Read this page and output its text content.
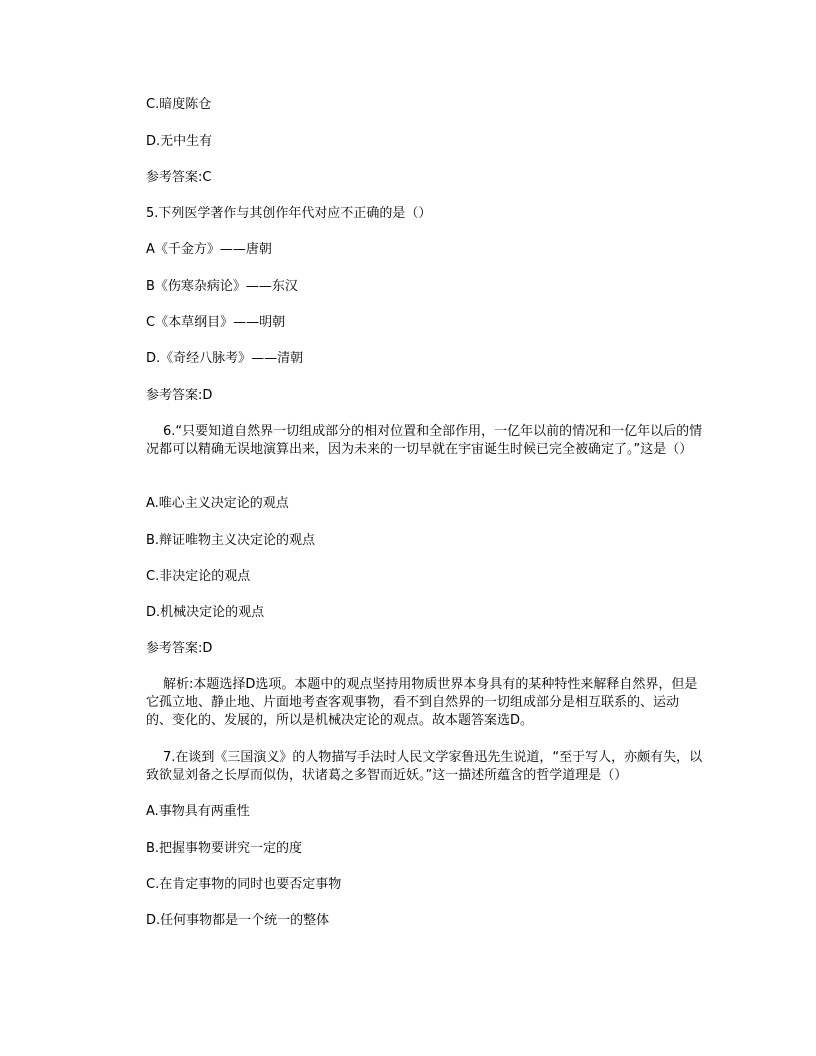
C.暗度陈仓
D.无中生有
参考答案:C
5.下列医学著作与其创作年代对应不正确的是（）
A《千金方》——唐朝
B《伤寒杂病论》——东汉
C《本草纲目》——明朝
D.《奇经八脉考》——清朝
参考答案:D
6.“只要知道自然界一切组成部分的相对位置和全部作用，一亿年以前的情况和一亿年以后的情况都可以精确无误地演算出来，因为未来的一切早就在宇宙诞生时候已完全被确定了。”这是（）
A.唯心主义决定论的观点
B.辩证唯物主义决定论的观点
C.非决定论的观点
D.机械决定论的观点
参考答案:D
解析:本题选择D选项。本题中的观点坚持用物质世界本身具有的某种特性来解释自然界，但是它孤立地、静止地、片面地考查客观事物，看不到自然界的一切组成部分是相互联系的、运动的、变化的、发展的，所以是机械决定论的观点。故本题答案选D。
7.在谈到《三国演义》的人物描写手法时人民文学家鲁迅先生说道，“至于写人，亦颇有失，以致欲显刘备之长厚而似伪，状诸葛之多智而近妖。”这一描述所蕴含的哲学道理是（）
A.事物具有两重性
B.把握事物要讲究一定的度
C.在肯定事物的同时也要否定事物
D.任何事物都是一个统一的整体
